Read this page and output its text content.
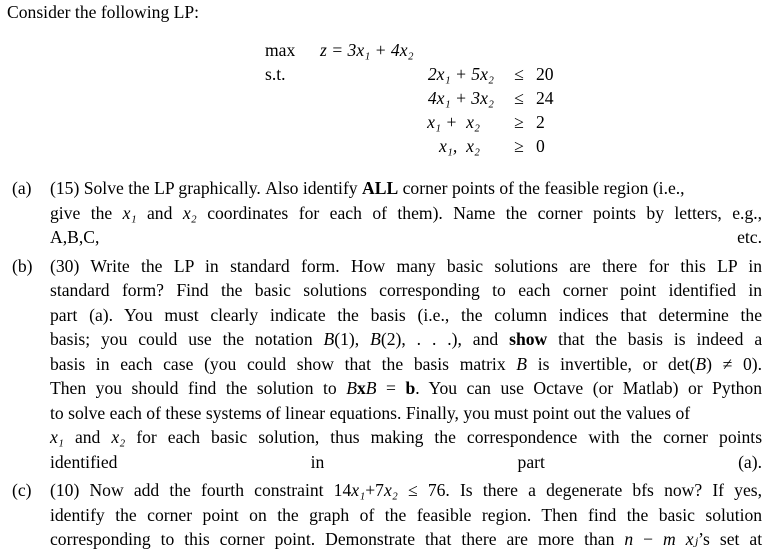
Consider the following LP:
max	z = 3x₁ + 4x₂		
s.t.	2x₁ + 5x₂	≤	20
	4x₁ + 3x₂	≤	24
	x₁ +  x₂	≥	2
	x₁,  x₂	≥	0
(a) (15) Solve the LP graphically. Also identify ALL corner points of the feasible region (i.e.,
give the x₁ and x₂ coordinates for each of them). Name the corner points by letters, e.g.,
A,B,C, etc.
(b) (30) Write the LP in standard form. How many basic solutions are there for this LP in
standard form? Find the basic solutions corresponding to each corner point identified in
part (a). You must clearly indicate the basis (i.e., the column indices that determine the
basis; you could use the notation B(1), B(2), . . .), and show that the basis is indeed a
basis in each case (you could show that the basis matrix B is invertible, or det(B) ≠ 0).
Then you should find the solution to BxB = b. You can use Octave (or Matlab) or Python
to solve each of these systems of linear equations. Finally, you must point out the values of
x₁ and x₂ for each basic solution, thus making the correspondence with the corner points
identified in part (a).
(c) (10) Now add the fourth constraint 14x₁+7x₂ ≤ 76. Is there a degenerate bfs now? If yes,
identify the corner point on the graph of the feasible region. Then find the basic solution
corresponding to this corner point. Demonstrate that there are more than n − m xⱼ’s set at
